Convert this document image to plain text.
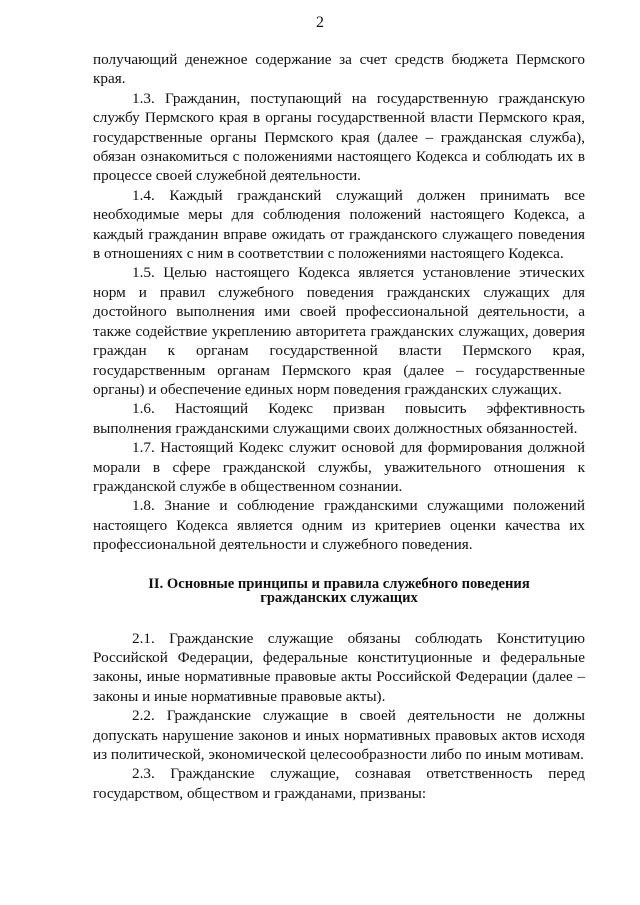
2

получающий денежное содержание за счет средств бюджета Пермского края.

1.3. Гражданин, поступающий на государственную гражданскую службу Пермского края в органы государственной власти Пермского края, государственные органы Пермского края (далее – гражданская служба), обязан ознакомиться с положениями настоящего Кодекса и соблюдать их в процессе своей служебной деятельности.

1.4. Каждый гражданский служащий должен принимать все необходимые меры для соблюдения положений настоящего Кодекса, а каждый гражданин вправе ожидать от гражданского служащего поведения в отношениях с ним в соответствии с положениями настоящего Кодекса.

1.5. Целью настоящего Кодекса является установление этических норм и правил служебного поведения гражданских служащих для достойного выполнения ими своей профессиональной деятельности, а также содействие укреплению авторитета гражданских служащих, доверия граждан к органам государственной власти Пермского края, государственным органам Пермского края (далее – государственные органы) и обеспечение единых норм поведения гражданских служащих.

1.6. Настоящий Кодекс призван повысить эффективность выполнения гражданскими служащими своих должностных обязанностей.

1.7. Настоящий Кодекс служит основой для формирования должной морали в сфере гражданской службы, уважительного отношения к гражданской службе в общественном сознании.

1.8. Знание и соблюдение гражданскими служащими положений настоящего Кодекса является одним из критериев оценки качества их профессиональной деятельности и служебного поведения.

II. Основные принципы и правила служебного поведения
гражданских служащих

2.1. Гражданские служащие обязаны соблюдать Конституцию Российской Федерации, федеральные конституционные и федеральные законы, иные нормативные правовые акты Российской Федерации (далее – законы и иные нормативные правовые акты).

2.2. Гражданские служащие в своей деятельности не должны допускать нарушение законов и иных нормативных правовых актов исходя из политической, экономической целесообразности либо по иным мотивам.

2.3. Гражданские служащие, сознавая ответственность перед государством, обществом и гражданами, призваны:
